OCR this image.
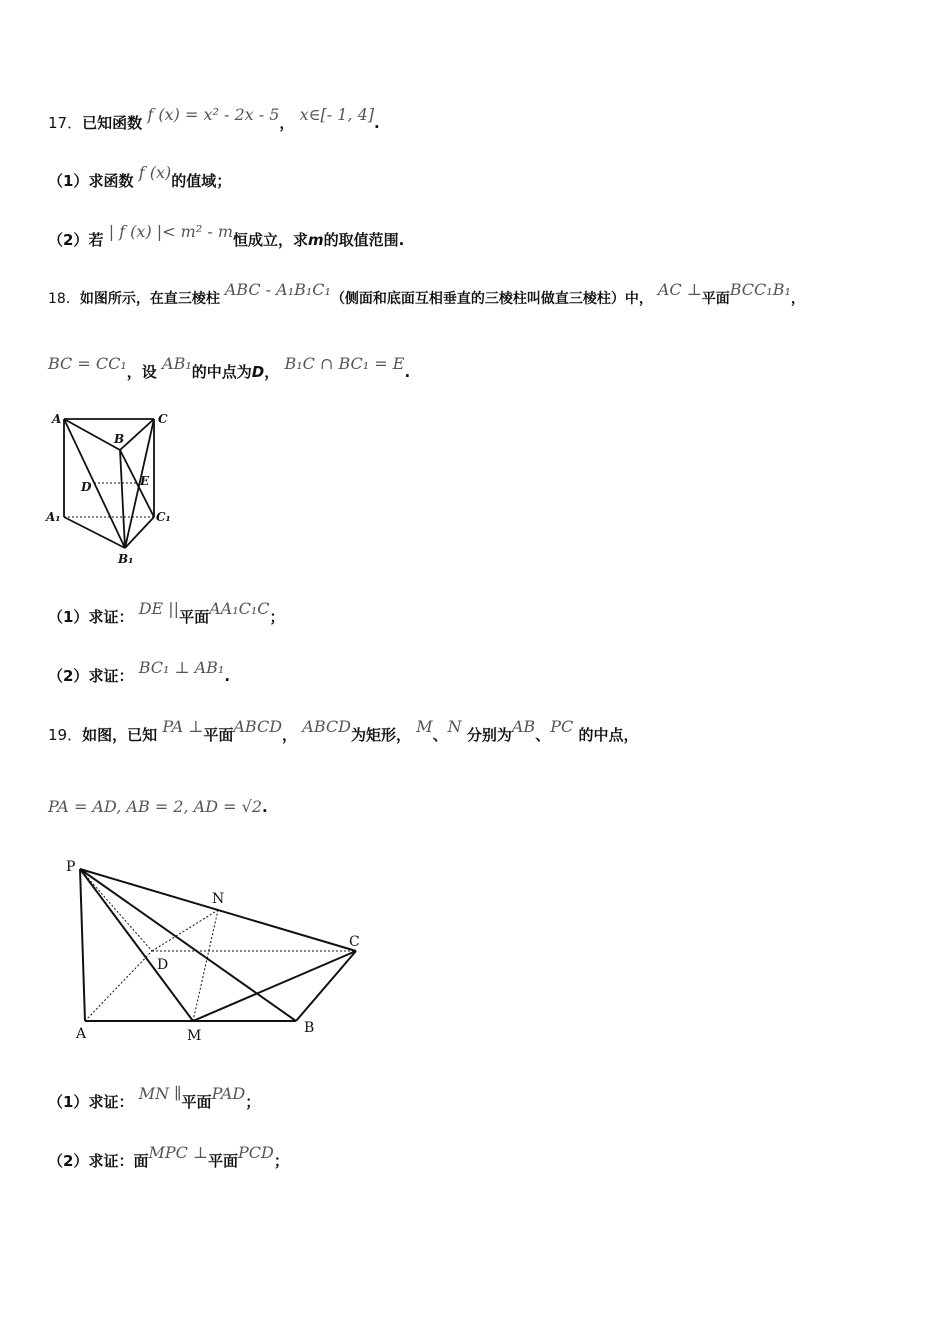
17．已知函数 f (x) = x² - 2x - 5， x∈[- 1, 4].
（1）求函数 f (x)的值域；
（2）若 | f (x) |< m² - m恒成立，求m的取值范围.
18．如图所示，在直三棱柱 ABC - A₁B₁C₁（侧面和底面互相垂直的三棱柱叫做直三棱柱）中， AC ⊥平面BCC₁B₁，
BC = CC₁，设 AB₁的中点为D， B₁C ∩ BC₁ = E.
A
B
C
D	E
A₁	C₁
B₁
（1）求证： DE ||平面AA₁C₁C；
（2）求证： BC₁ ⊥ AB₁.
19．如图，已知 PA ⊥平面ABCD， ABCD为矩形， M、N 分别为AB、PC 的中点，
PA = AD, AB = 2, AD = √2.
P
N
C
D
A	M	B
（1）求证： MN ∥平面PAD；
（2）求证：面MPC ⊥平面PCD；
